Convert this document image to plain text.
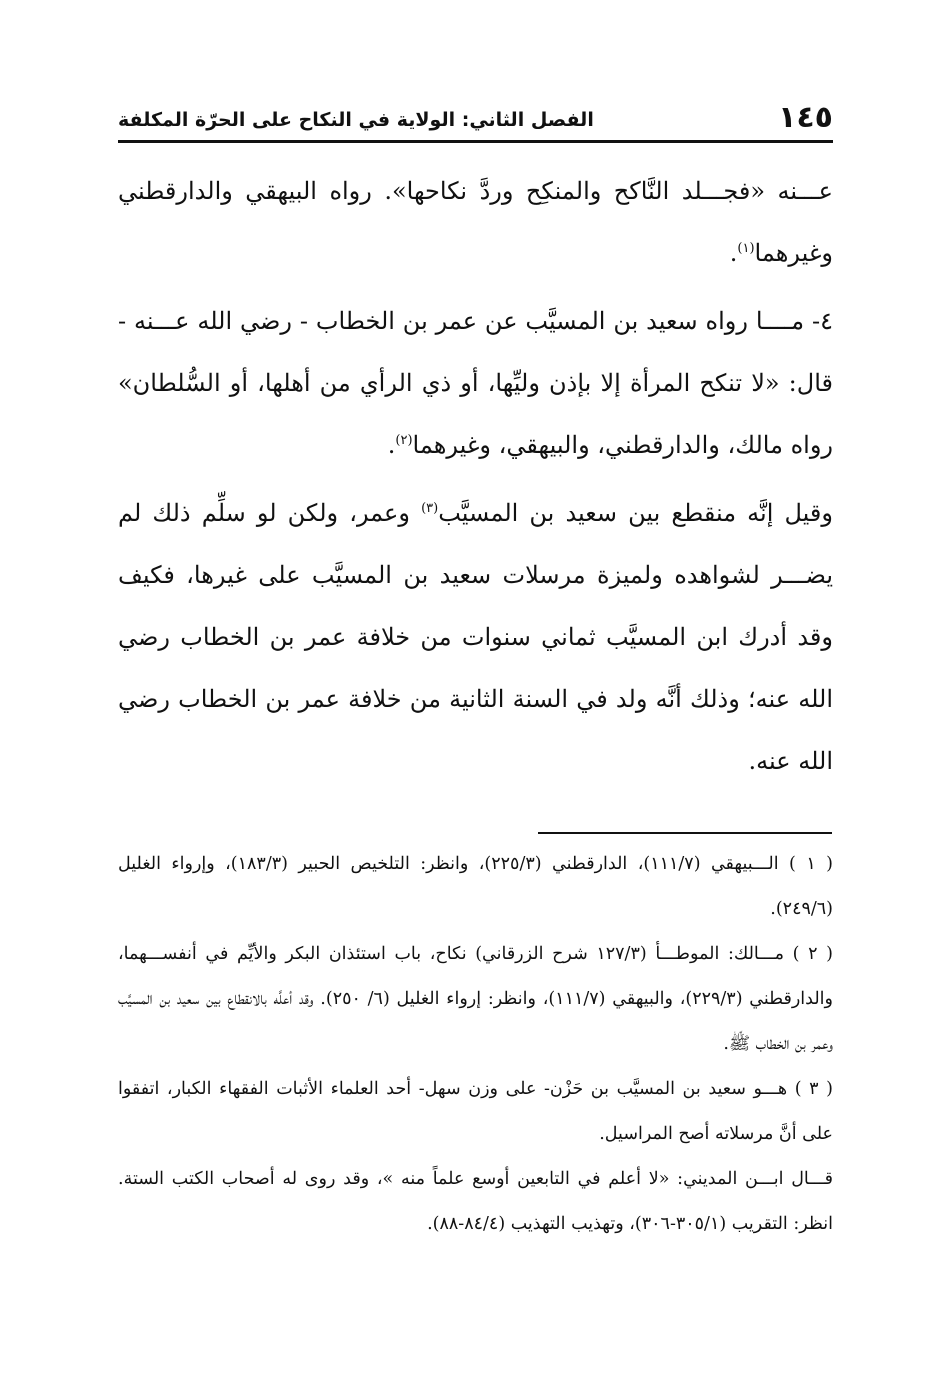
١٤٥
الفصل الثاني: الولاية في النكاح على الحرّة المكلفة

عـــنه «فجـــلد النَّاكح والمنكِح وردَّ نكاحها». رواه البيهقي والدارقطني وغيرهما$^{(١)}$.

٤- مــــا رواه سعيد بن المسيَّب عن عمر بن الخطاب - رضي الله عـــنه - قال: «لا تنكح المرأة إلا بإذن وليِّها، أو ذي الرأي من أهلها، أو السُّلطان» رواه مالك، والدارقطني، والبيهقي، وغيرهما$^{(٢)}$.

وقيل إنَّه منقطع بين سعيد بن المسيَّب$^{(٣)}$ وعمر، ولكن لو سلِّم ذلك لم يضـــر لشواهده ولميزة مرسلات سعيد بن المسيَّب على غيرها، فكيف وقد أدرك ابن المسيَّب ثماني سنوات من خلافة عمر بن الخطاب رضي الله عنه؛ وذلك أنَّه ولد في السنة الثانية من خلافة عمر بن الخطاب رضي الله عنه.

( ١ ) الـــبيهقي (١١١/٧)، الدارقطني (٢٢٥/٣)، وانظر: التلخيص الحبير (١٨٣/٣)، وإرواء الغليل (٢٤٩/٦).

( ٢ ) مـــالك: الموطـــأ (١٢٧/٣ شرح الزرقاني) نكاح، باب استئذان البكر والأيِّم في أنفســـهما، والدارقطني (٢٢٩/٣)، والبيهقي (١١١/٧)، وانظر: إرواء الغليل (٦/ ٢٥٠). وقد أعلَّه بالانقطاع بين سعيد بن المسيَّب وعمر بن الخطاب ﷺ.

( ٣ ) هـــو سعيد بن المسيَّب بن حَزْن- على وزن سهل- أحد العلماء الأثبات الفقهاء الكبار، اتفقوا على أنَّ مرسلاته أصح المراسيل.

قـــال ابـــن المديني: «لا أعلم في التابعين أوسع علماً منه »، وقد روى له أصحاب الكتب الستة. انظر: التقريب (٣٠٥/١-٣٠٦)، وتهذيب التهذيب (٨٤/٤-٨٨).
